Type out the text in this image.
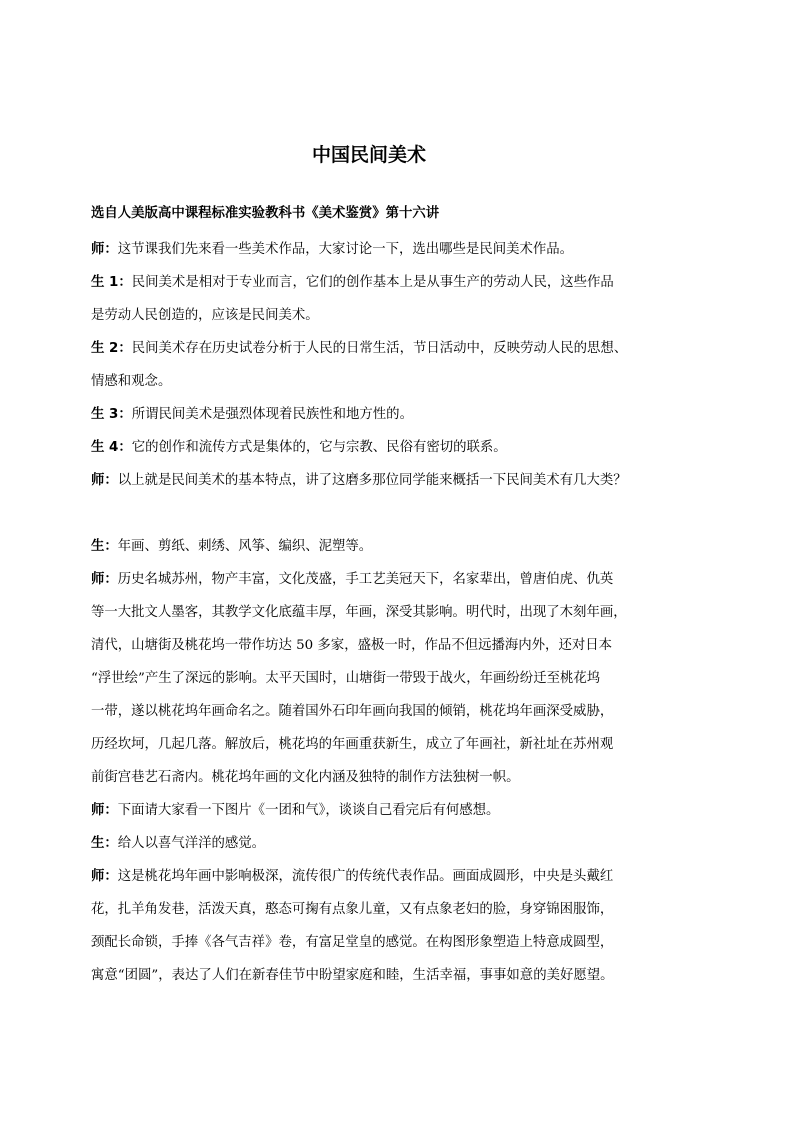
中国民间美术

选自人美版高中课程标准实验教科书《美术鉴赏》第十六讲

师：这节课我们先来看一些美术作品，大家讨论一下，选出哪些是民间美术作品。

生 1：民间美术是相对于专业而言，它们的创作基本上是从事生产的劳动人民，这些作品
是劳动人民创造的，应该是民间美术。

生 2：民间美术存在历史试卷分析于人民的日常生活，节日活动中，反映劳动人民的思想、
情感和观念。

生 3：所谓民间美术是强烈体现着民族性和地方性的。

生 4：它的创作和流传方式是集体的，它与宗教、民俗有密切的联系。

师：以上就是民间美术的基本特点，讲了这磨多那位同学能来概括一下民间美术有几大类？

生：年画、剪纸、刺绣、风筝、编织、泥塑等。

师：历史名城苏州，物产丰富，文化茂盛，手工艺美冠天下，名家辈出，曾唐伯虎、仇英
等一大批文人墨客，其教学文化底蕴丰厚，年画，深受其影响。明代时，出现了木刻年画，
清代，山塘街及桃花坞一带作坊达 50 多家，盛极一时，作品不但远播海内外，还对日本
“浮世绘”产生了深远的影响。太平天国时，山塘街一带毁于战火，年画纷纷迁至桃花坞
一带，遂以桃花坞年画命名之。随着国外石印年画向我国的倾销，桃花坞年画深受威胁，
历经坎坷，几起几落。解放后，桃花坞的年画重获新生，成立了年画社，新社址在苏州观
前街宫巷艺石斋内。桃花坞年画的文化内涵及独特的制作方法独树一帜。

师：下面请大家看一下图片《一团和气》，谈谈自己看完后有何感想。

生：给人以喜气洋洋的感觉。

师：这是桃花坞年画中影响极深，流传很广的传统代表作品。画面成圆形，中央是头戴红
花，扎羊角发巷，活泼天真，憨态可掬有点象儿童，又有点象老妇的脸，身穿锦困服饰，
颈配长命锁，手捧《各气吉祥》卷，有富足堂皇的感觉。在构图形象塑造上特意成圆型，
寓意“团圆”，表达了人们在新春佳节中盼望家庭和睦，生活幸福，事事如意的美好愿望。
